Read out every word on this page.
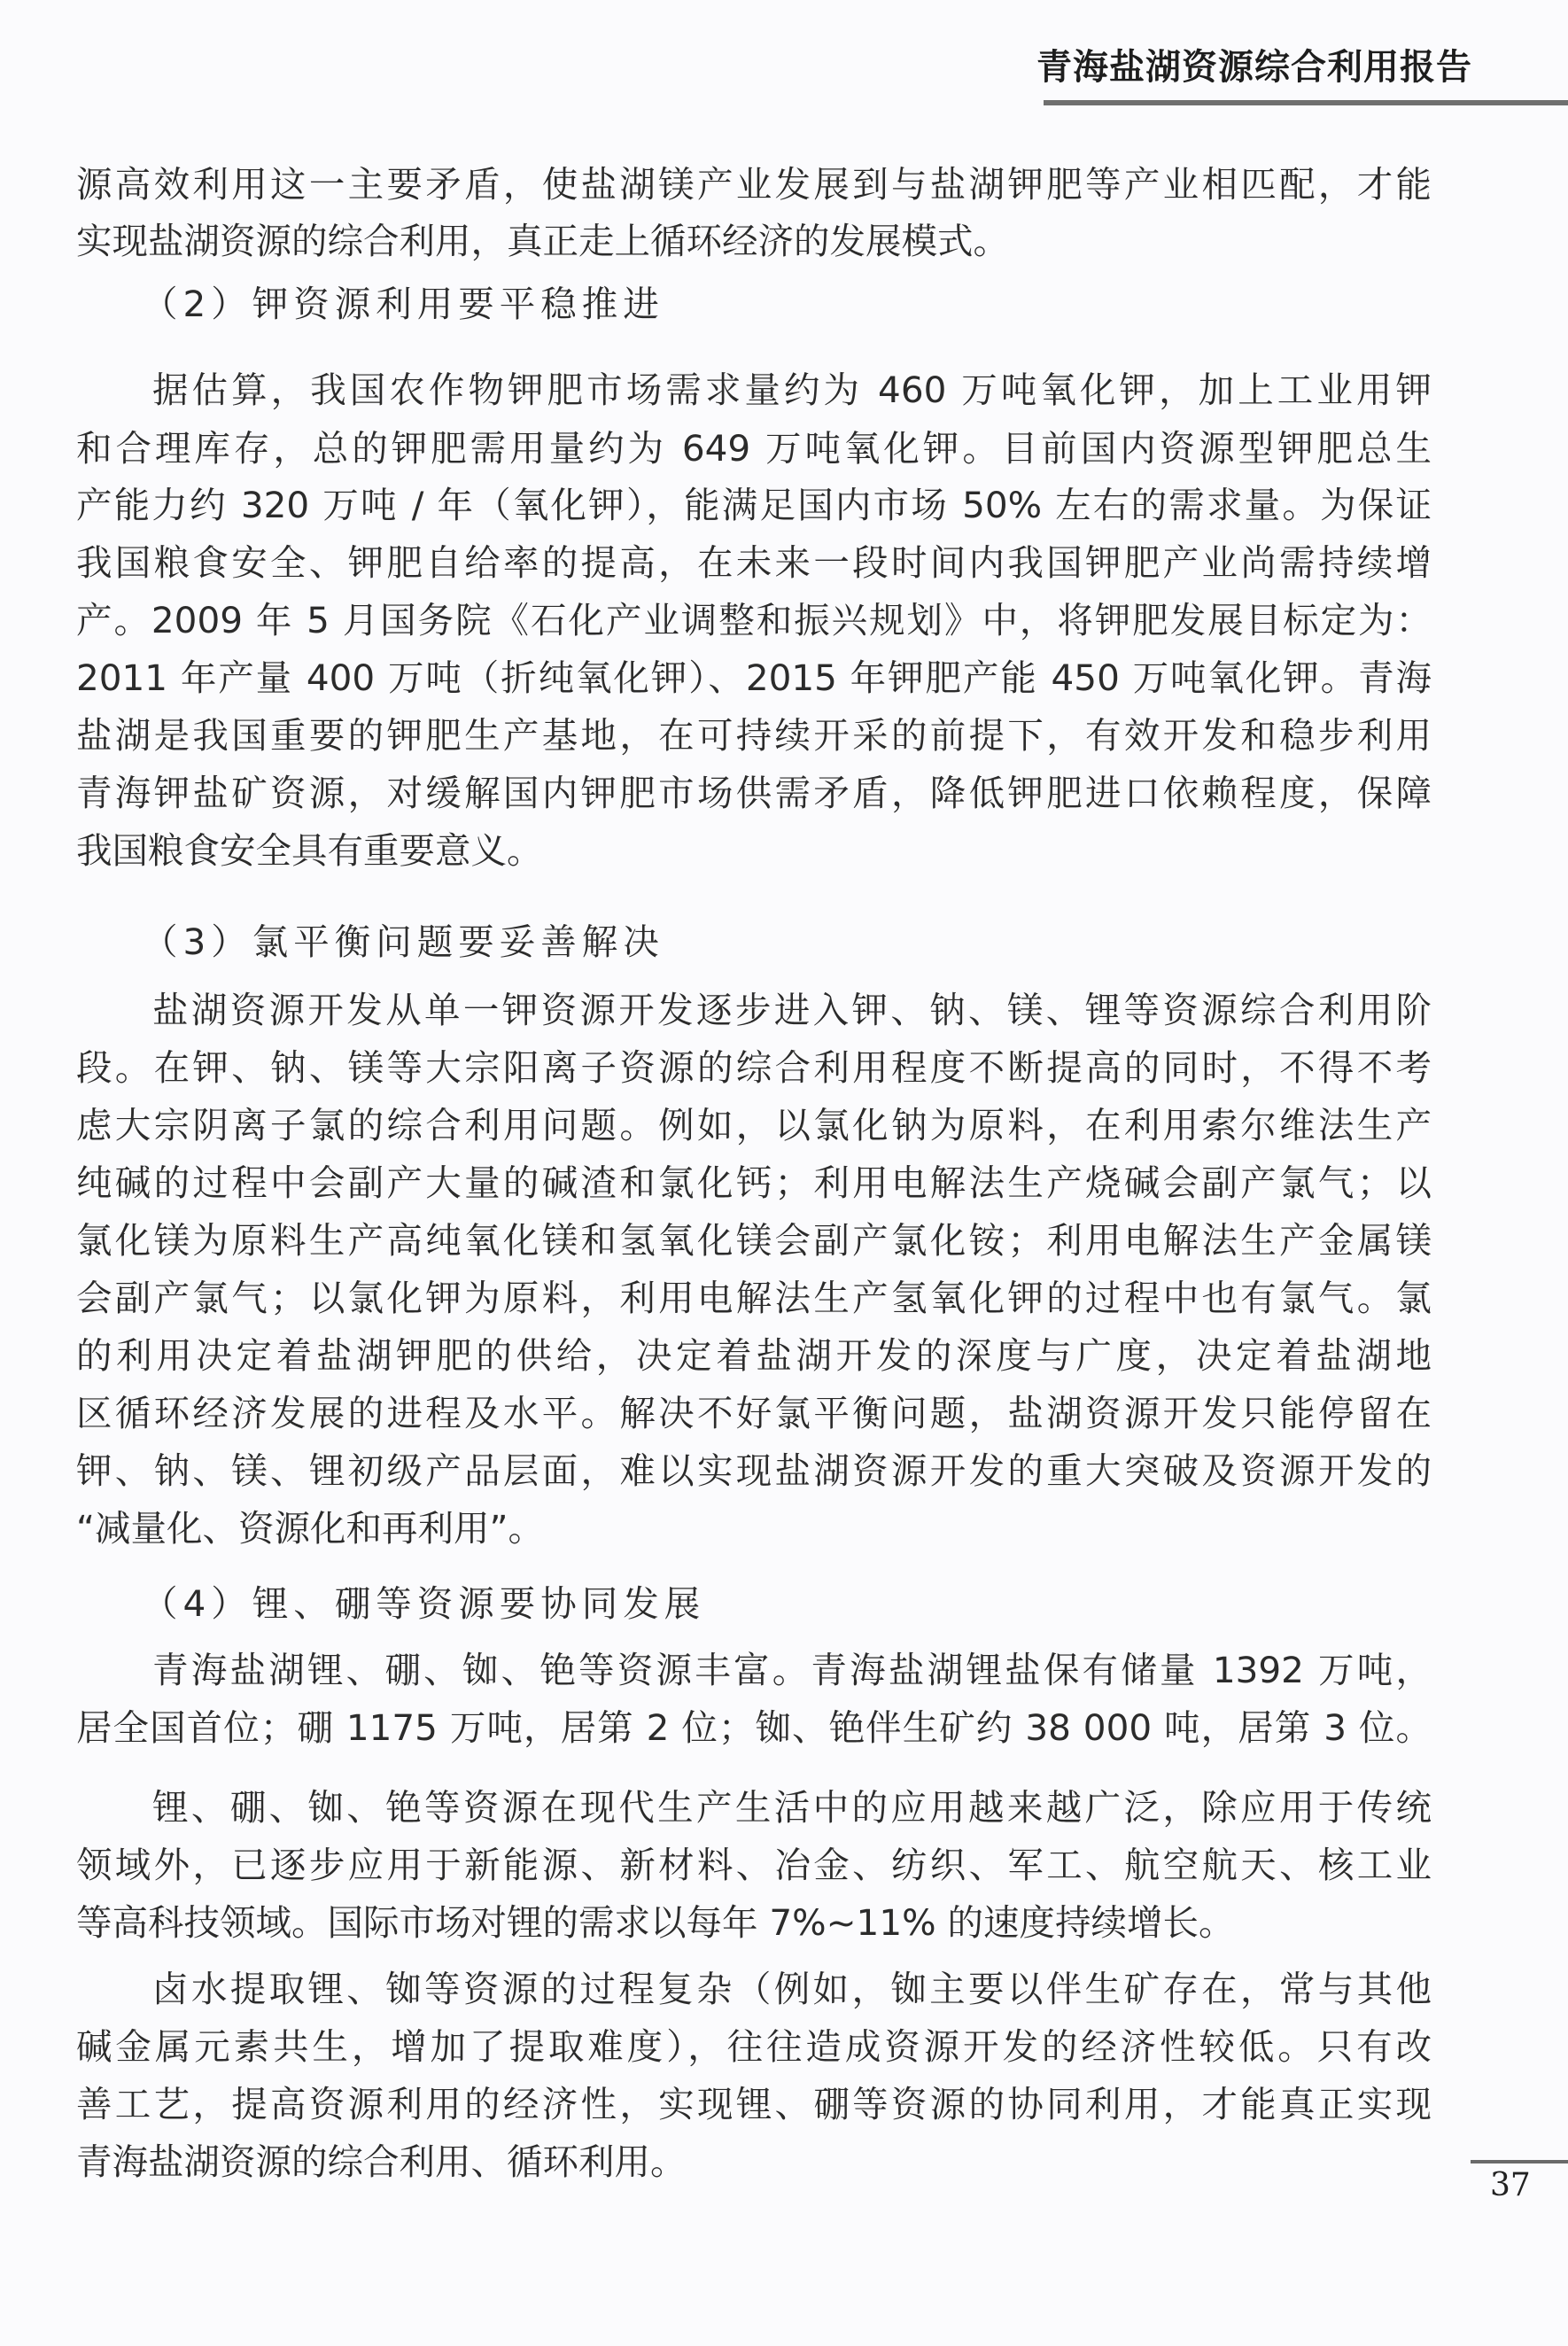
青海盐湖资源综合利用报告
源高效利用这一主要矛盾，使盐湖镁产业发展到与盐湖钾肥等产业相匹配，才能
实现盐湖资源的综合利用，真正走上循环经济的发展模式。
（2）钾资源利用要平稳推进
据估算，我国农作物钾肥市场需求量约为 460 万吨氧化钾，加上工业用钾
和合理库存，总的钾肥需用量约为 649 万吨氧化钾。目前国内资源型钾肥总生
产能力约 320 万吨 / 年（氧化钾），能满足国内市场 50% 左右的需求量。为保证
我国粮食安全、钾肥自给率的提高，在未来一段时间内我国钾肥产业尚需持续增
产。2009 年 5 月国务院《石化产业调整和振兴规划》中，将钾肥发展目标定为：
2011 年产量 400 万吨（折纯氧化钾）、2015 年钾肥产能 450 万吨氧化钾。青海
盐湖是我国重要的钾肥生产基地，在可持续开采的前提下，有效开发和稳步利用
青海钾盐矿资源，对缓解国内钾肥市场供需矛盾，降低钾肥进口依赖程度，保障
我国粮食安全具有重要意义。
（3）氯平衡问题要妥善解决
盐湖资源开发从单一钾资源开发逐步进入钾、钠、镁、锂等资源综合利用阶
段。在钾、钠、镁等大宗阳离子资源的综合利用程度不断提高的同时，不得不考
虑大宗阴离子氯的综合利用问题。例如，以氯化钠为原料，在利用索尔维法生产
纯碱的过程中会副产大量的碱渣和氯化钙；利用电解法生产烧碱会副产氯气；以
氯化镁为原料生产高纯氧化镁和氢氧化镁会副产氯化铵；利用电解法生产金属镁
会副产氯气；以氯化钾为原料，利用电解法生产氢氧化钾的过程中也有氯气。氯
的利用决定着盐湖钾肥的供给，决定着盐湖开发的深度与广度，决定着盐湖地
区循环经济发展的进程及水平。解决不好氯平衡问题，盐湖资源开发只能停留在
钾、钠、镁、锂初级产品层面，难以实现盐湖资源开发的重大突破及资源开发的
“减量化、资源化和再利用”。
（4）锂、硼等资源要协同发展
青海盐湖锂、硼、铷、铯等资源丰富。青海盐湖锂盐保有储量 1392 万吨，
居全国首位；硼 1175 万吨，居第 2 位；铷、铯伴生矿约 38 000 吨，居第 3 位。
锂、硼、铷、铯等资源在现代生产生活中的应用越来越广泛，除应用于传统
领域外，已逐步应用于新能源、新材料、冶金、纺织、军工、航空航天、核工业
等高科技领域。国际市场对锂的需求以每年 7%~11% 的速度持续增长。
卤水提取锂、铷等资源的过程复杂（例如，铷主要以伴生矿存在，常与其他
碱金属元素共生，增加了提取难度），往往造成资源开发的经济性较低。只有改
善工艺，提高资源利用的经济性，实现锂、硼等资源的协同利用，才能真正实现
青海盐湖资源的综合利用、循环利用。
37
